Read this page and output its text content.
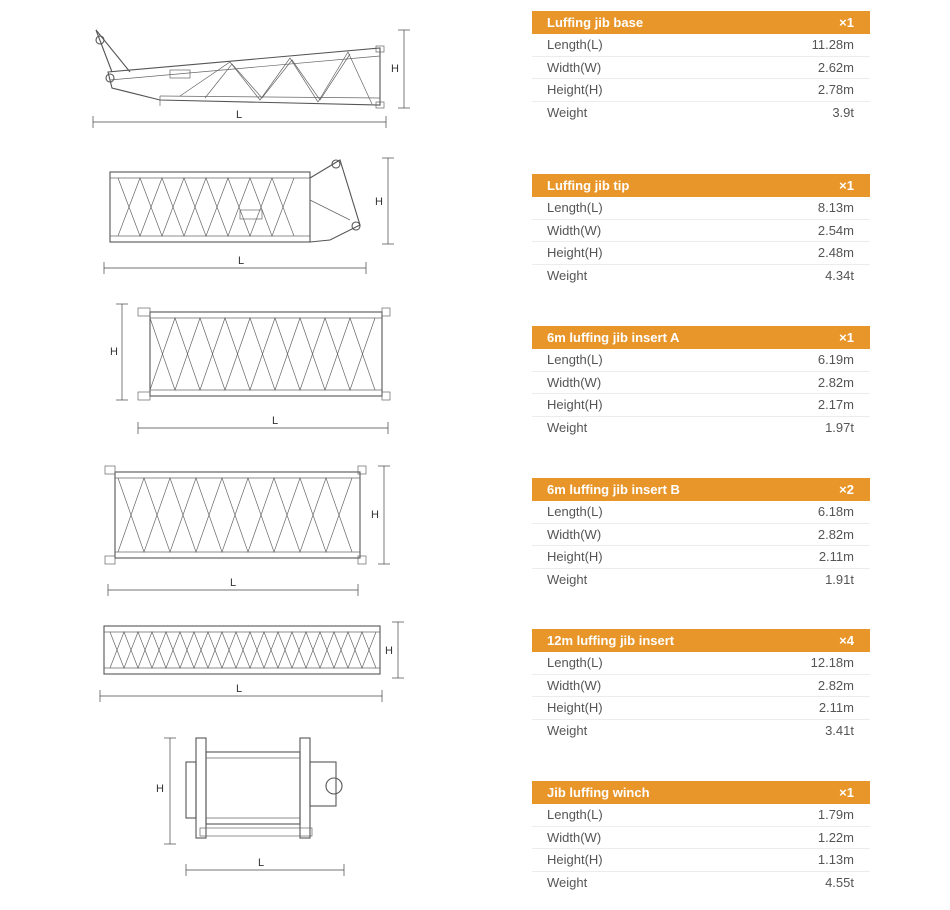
L
H
L
H
L
H
L
H
L
H
L
H
Luffing jib base	×1
Length(L)	11.28m
Width(W)	2.62m
Height(H)	2.78m
Weight	3.9t
Luffing jib tip	×1
Length(L)	8.13m
Width(W)	2.54m
Height(H)	2.48m
Weight	4.34t
6m luffing jib insert A	×1
Length(L)	6.19m
Width(W)	2.82m
Height(H)	2.17m
Weight	1.97t
6m luffing jib insert B	×2
Length(L)	6.18m
Width(W)	2.82m
Height(H)	2.11m
Weight	1.91t
12m luffing jib insert	×4
Length(L)	12.18m
Width(W)	2.82m
Height(H)	2.11m
Weight	3.41t
Jib luffing winch	×1
Length(L)	1.79m
Width(W)	1.22m
Height(H)	1.13m
Weight	4.55t
